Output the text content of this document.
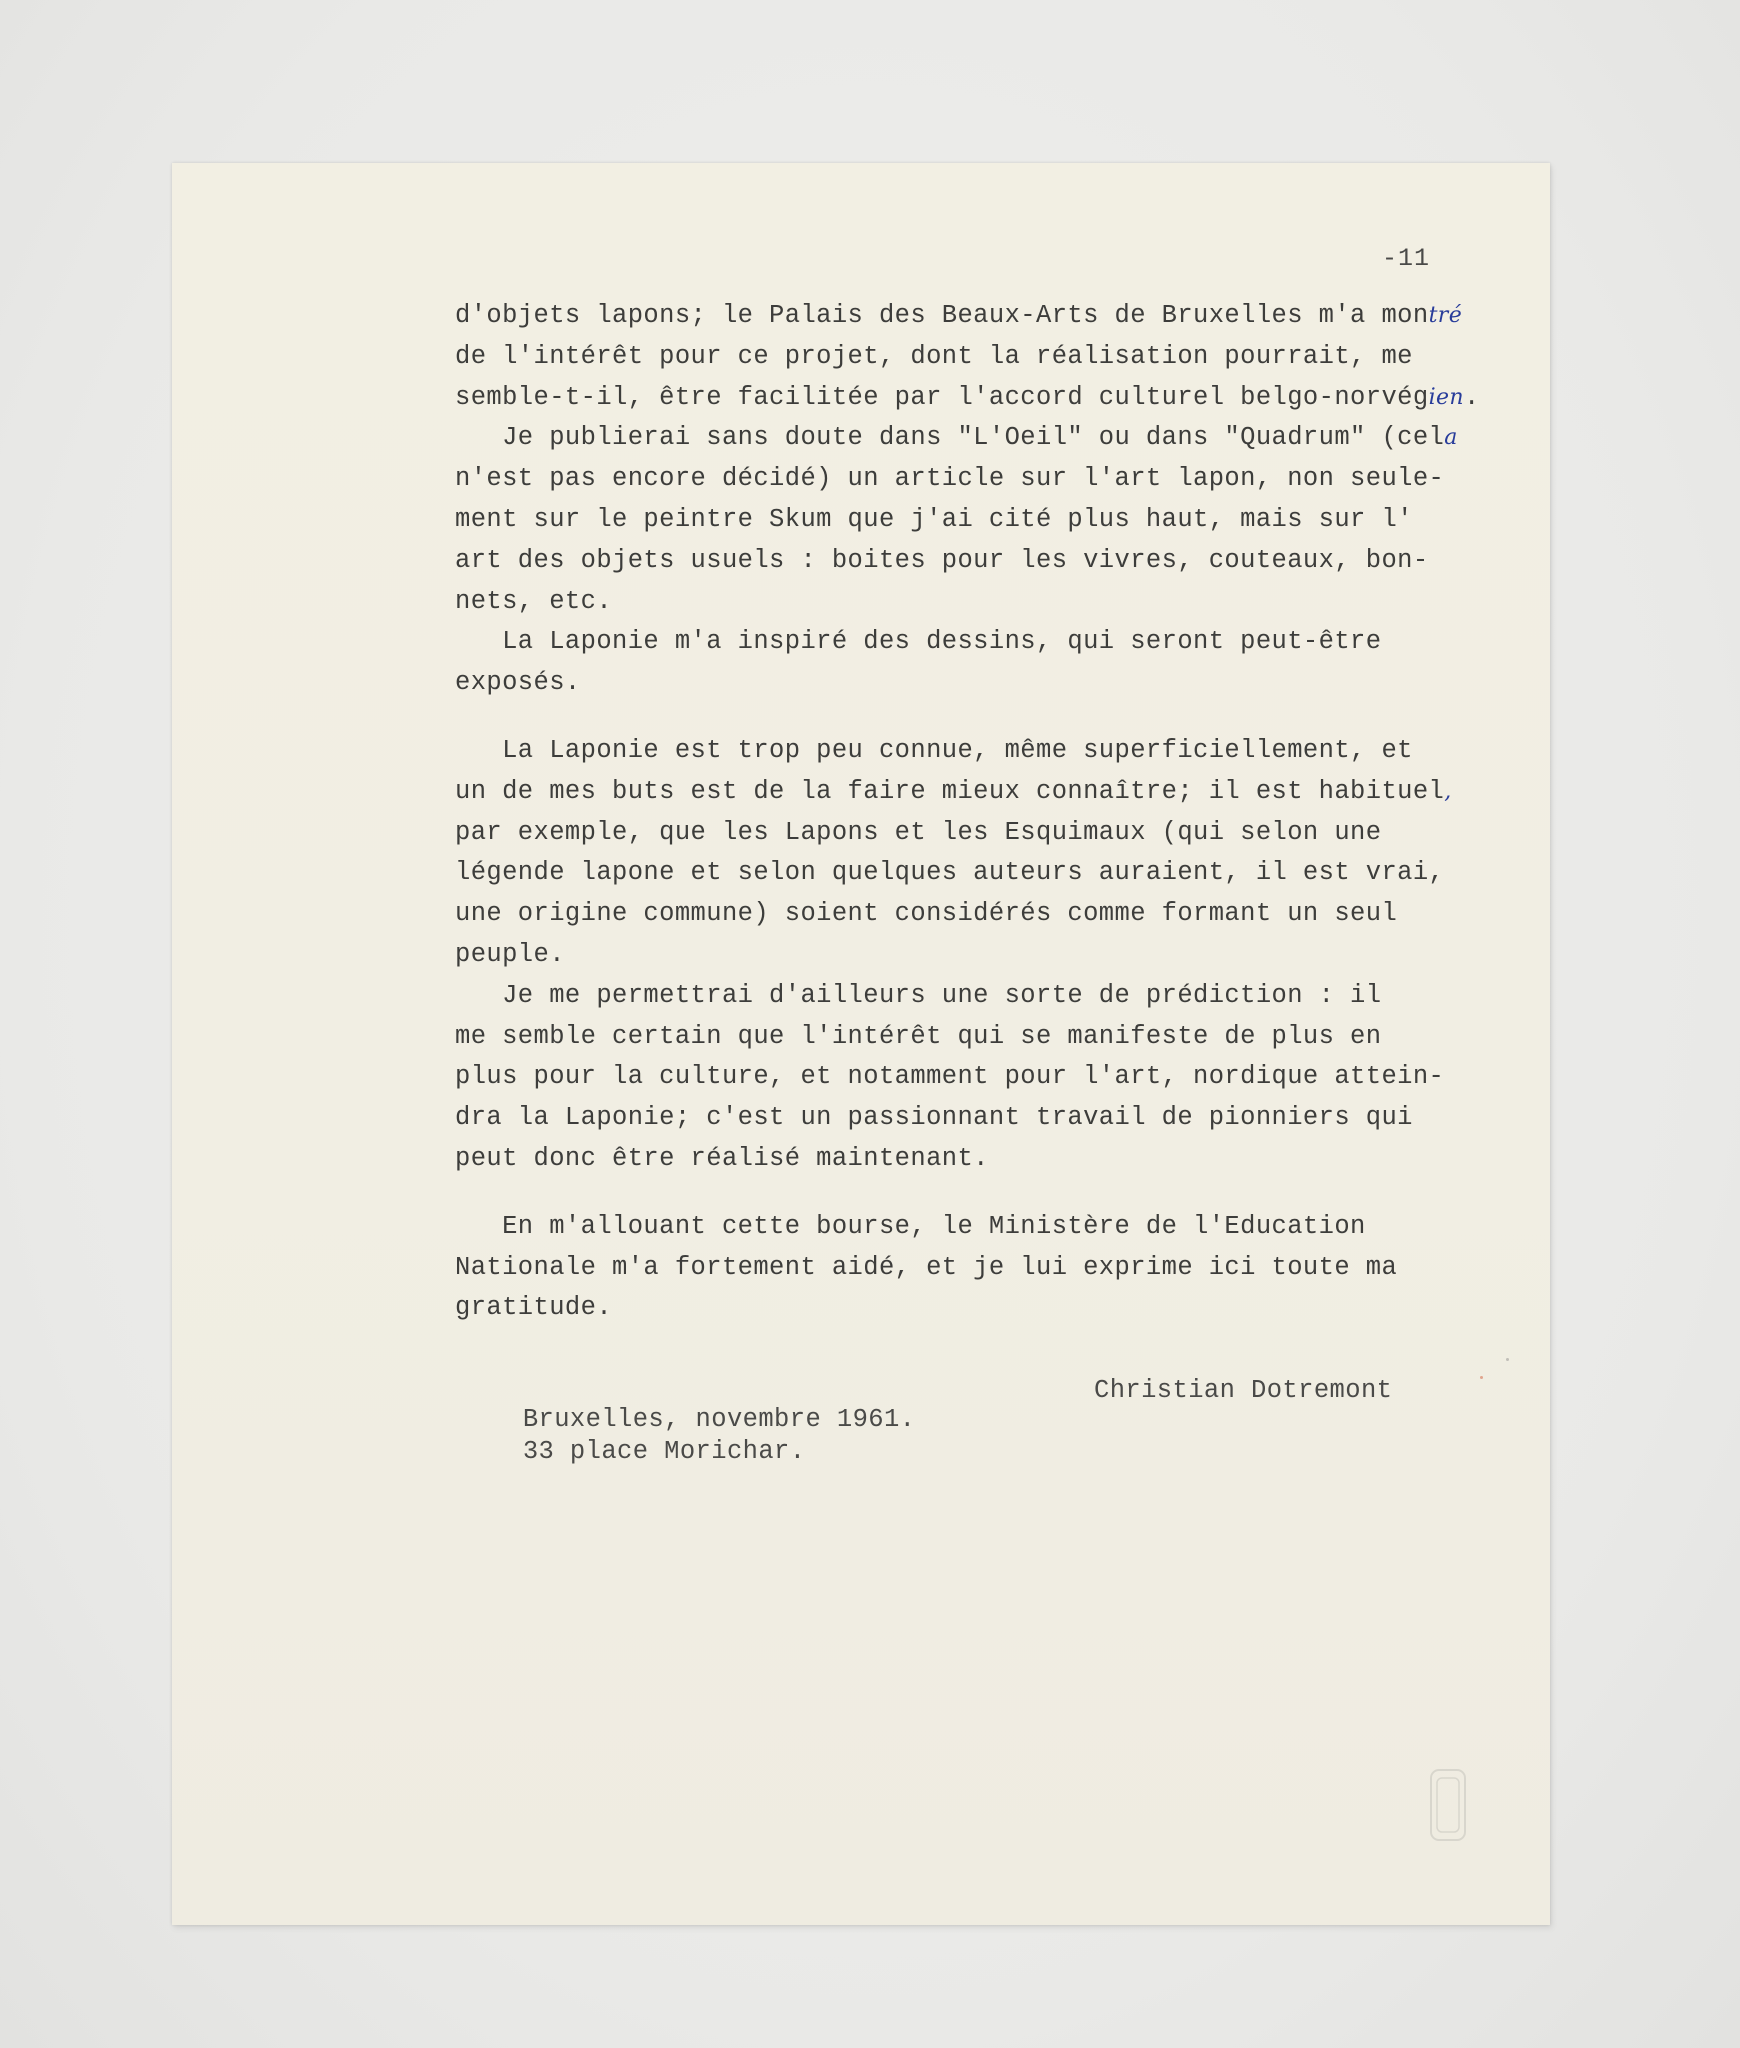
-11
d'objets lapons; le Palais des Beaux-Arts de Bruxelles m'a montré
de l'intérêt pour ce projet, dont la réalisation pourrait, me
semble-t-il, être facilitée par l'accord culturel belgo-norvégien.
Je publierai sans doute dans "L'Oeil" ou dans "Quadrum" (cela
n'est pas encore décidé) un article sur l'art lapon, non seule-
ment sur le peintre Skum que j'ai cité plus haut, mais sur l'
art des objets usuels : boites pour les vivres, couteaux, bon-
nets, etc.
La Laponie m'a inspiré des dessins, qui seront peut-être
exposés.
La Laponie est trop peu connue, même superficiellement, et
un de mes buts est de la faire mieux connaître; il est habituel,
par exemple, que les Lapons et les Esquimaux (qui selon une
légende lapone et selon quelques auteurs auraient, il est vrai,
une origine commune) soient considérés comme formant un seul
peuple.
Je me permettrai d'ailleurs une sorte de prédiction : il
me semble certain que l'intérêt qui se manifeste de plus en
plus pour la culture, et notamment pour l'art, nordique attein-
dra la Laponie; c'est un passionnant travail de pionniers qui
peut donc être réalisé maintenant.
En m'allouant cette bourse, le Ministère de l'Education
Nationale m'a fortement aidé, et je lui exprime ici toute ma
gratitude.

Bruxelles, novembre 1961.

Christian Dotremont

33 place Morichar.
